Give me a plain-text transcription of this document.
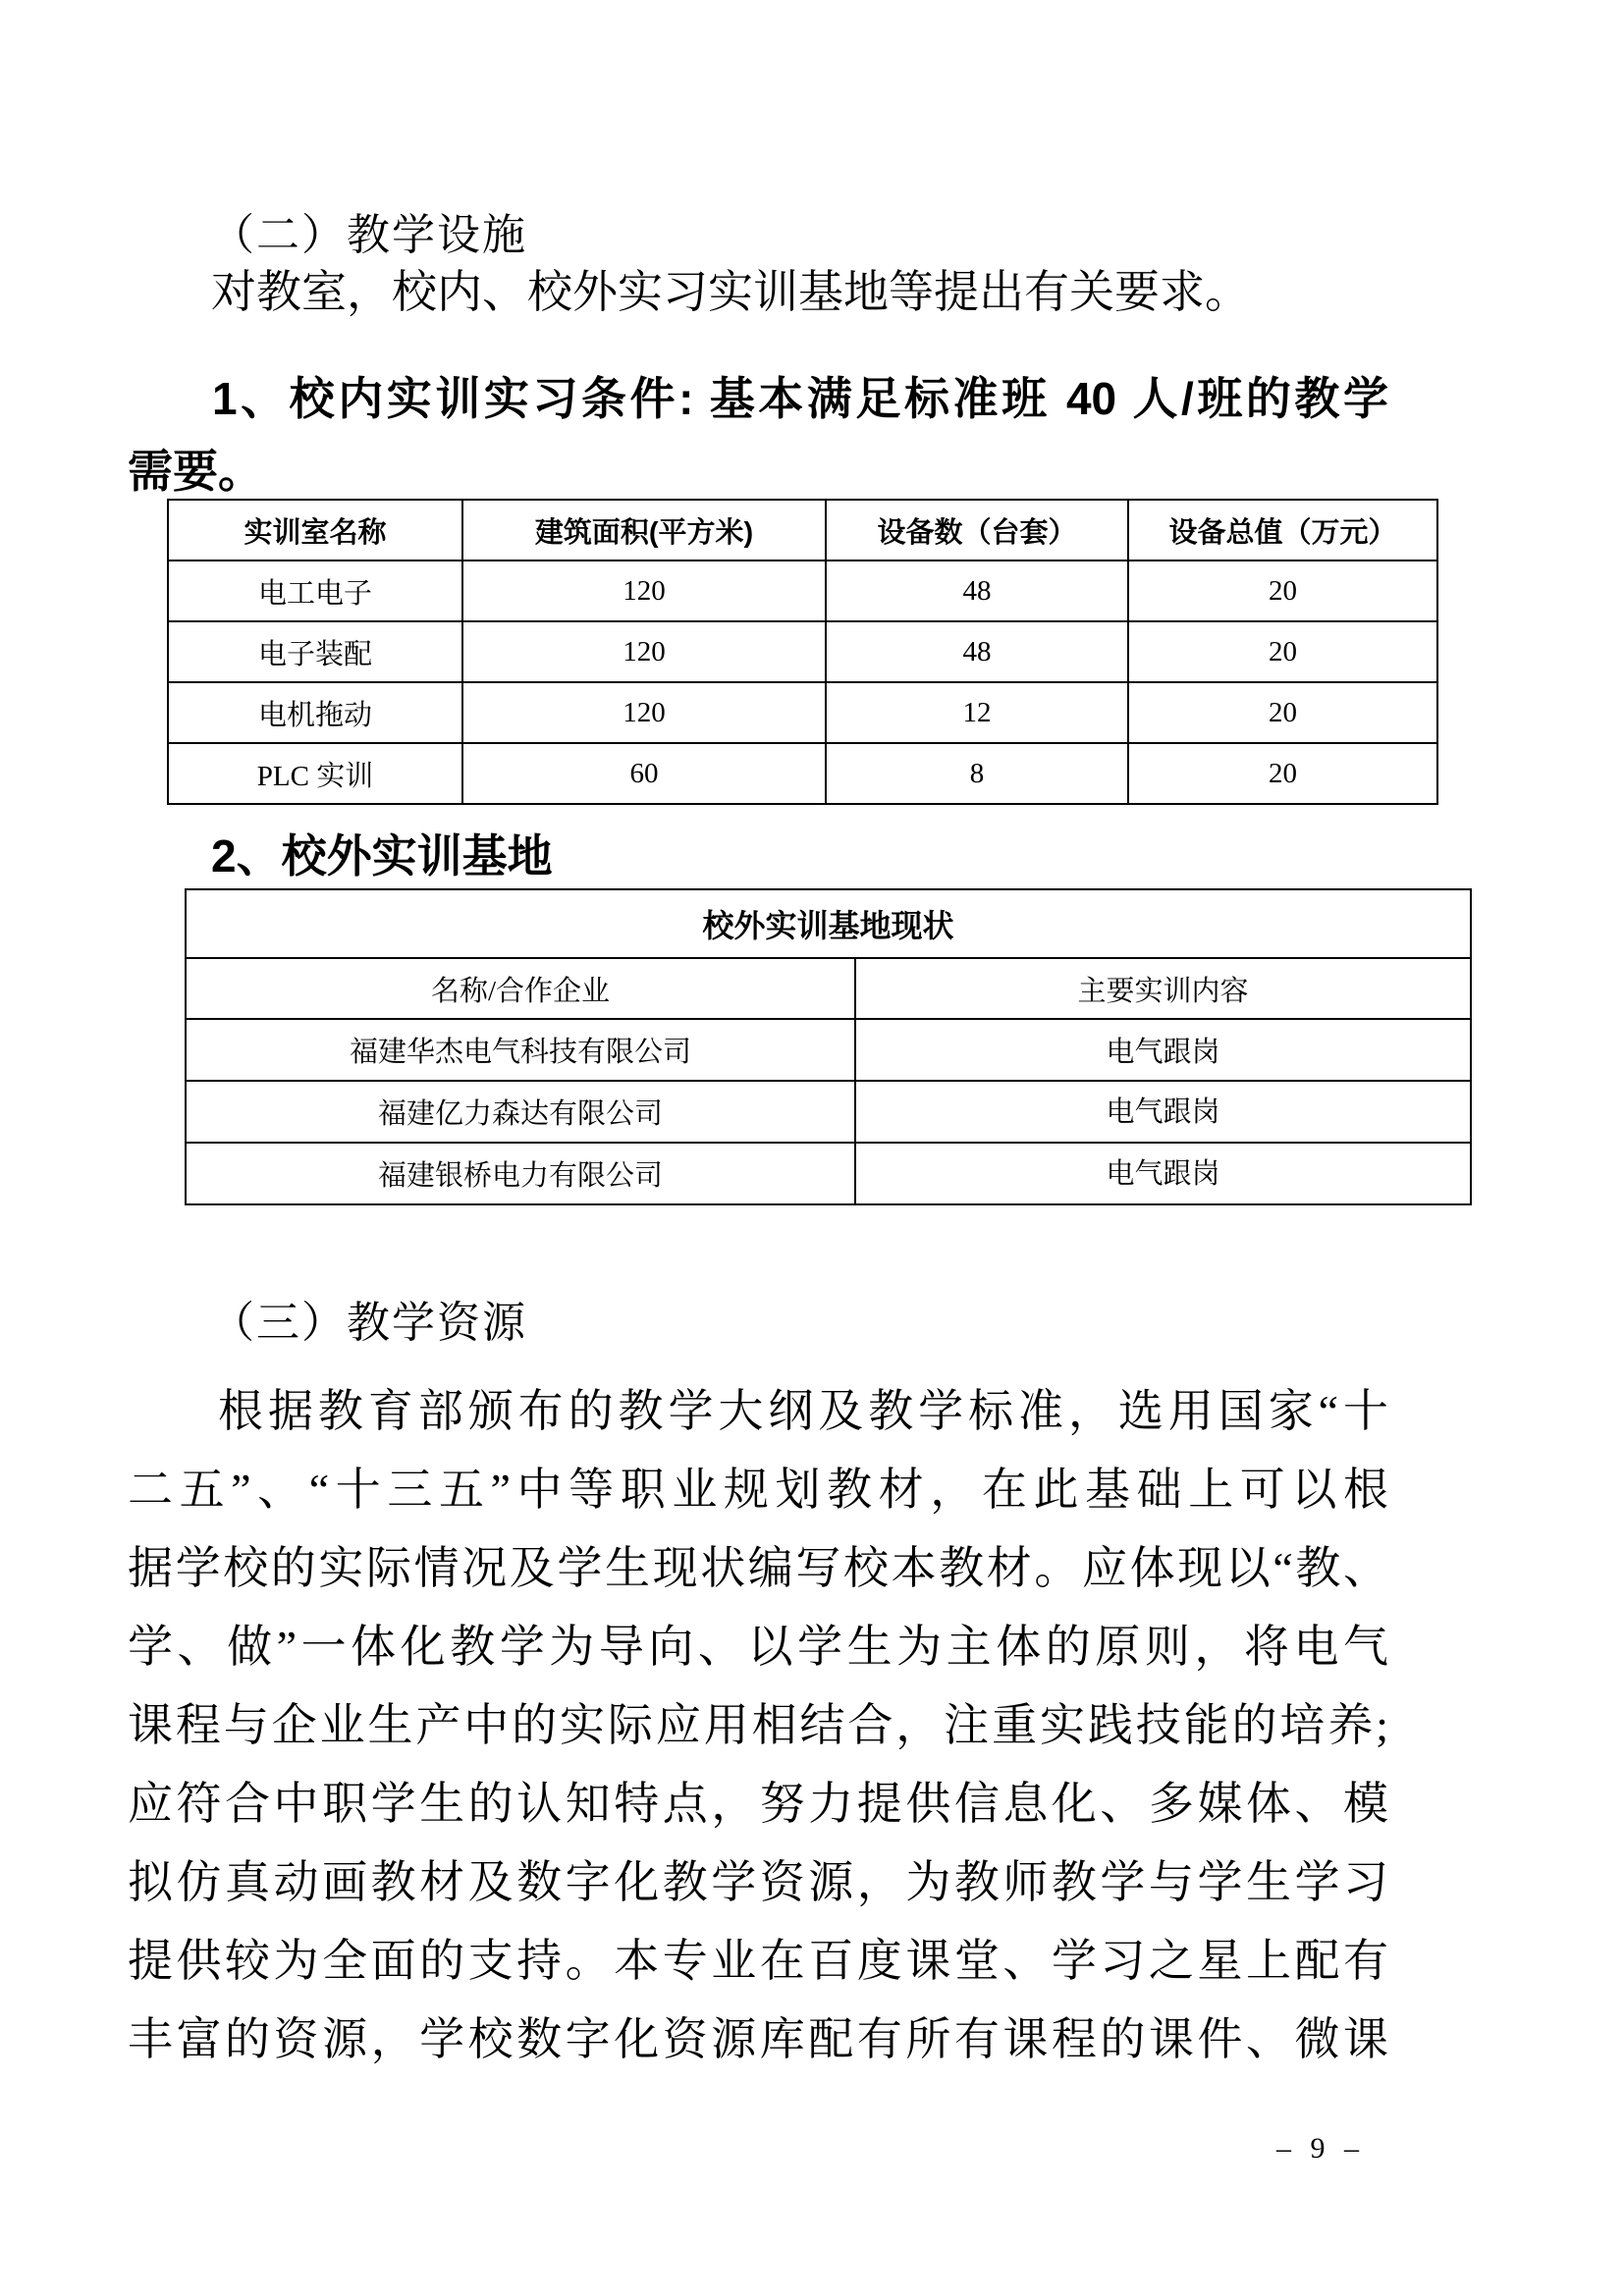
（二）教学设施
对教室，校内、校外实习实训基地等提出有关要求。
1、校内实训实习条件: 基本满足标准班 40 人/班的教学
需要。
实训室名称	建筑面积(平方米)	设备数（台套）	设备总值（万元）
电工电子	120	48	20
电子装配	120	48	20
电机拖动	120	12	20
PLC 实训	60	8	20
2、校外实训基地
校外实训基地现状	
名称/合作企业	主要实训内容
福建华杰电气科技有限公司	电气跟岗
福建亿力森达有限公司	电气跟岗
福建银桥电力有限公司	电气跟岗
（三）教学资源
根据教育部颁布的教学大纲及教学标准，选用国家“十
二五”、“十三五”中等职业规划教材，在此基础上可以根
据学校的实际情况及学生现状编写校本教材。应体现以“教、
学、做”一体化教学为导向、以学生为主体的原则，将电气
课程与企业生产中的实际应用相结合，注重实践技能的培养;
应符合中职学生的认知特点，努力提供信息化、多媒体、模
拟仿真动画教材及数字化教学资源，为教师教学与学生学习
提供较为全面的支持。本专业在百度课堂、学习之星上配有
丰富的资源，学校数字化资源库配有所有课程的课件、微课
– 9 –
